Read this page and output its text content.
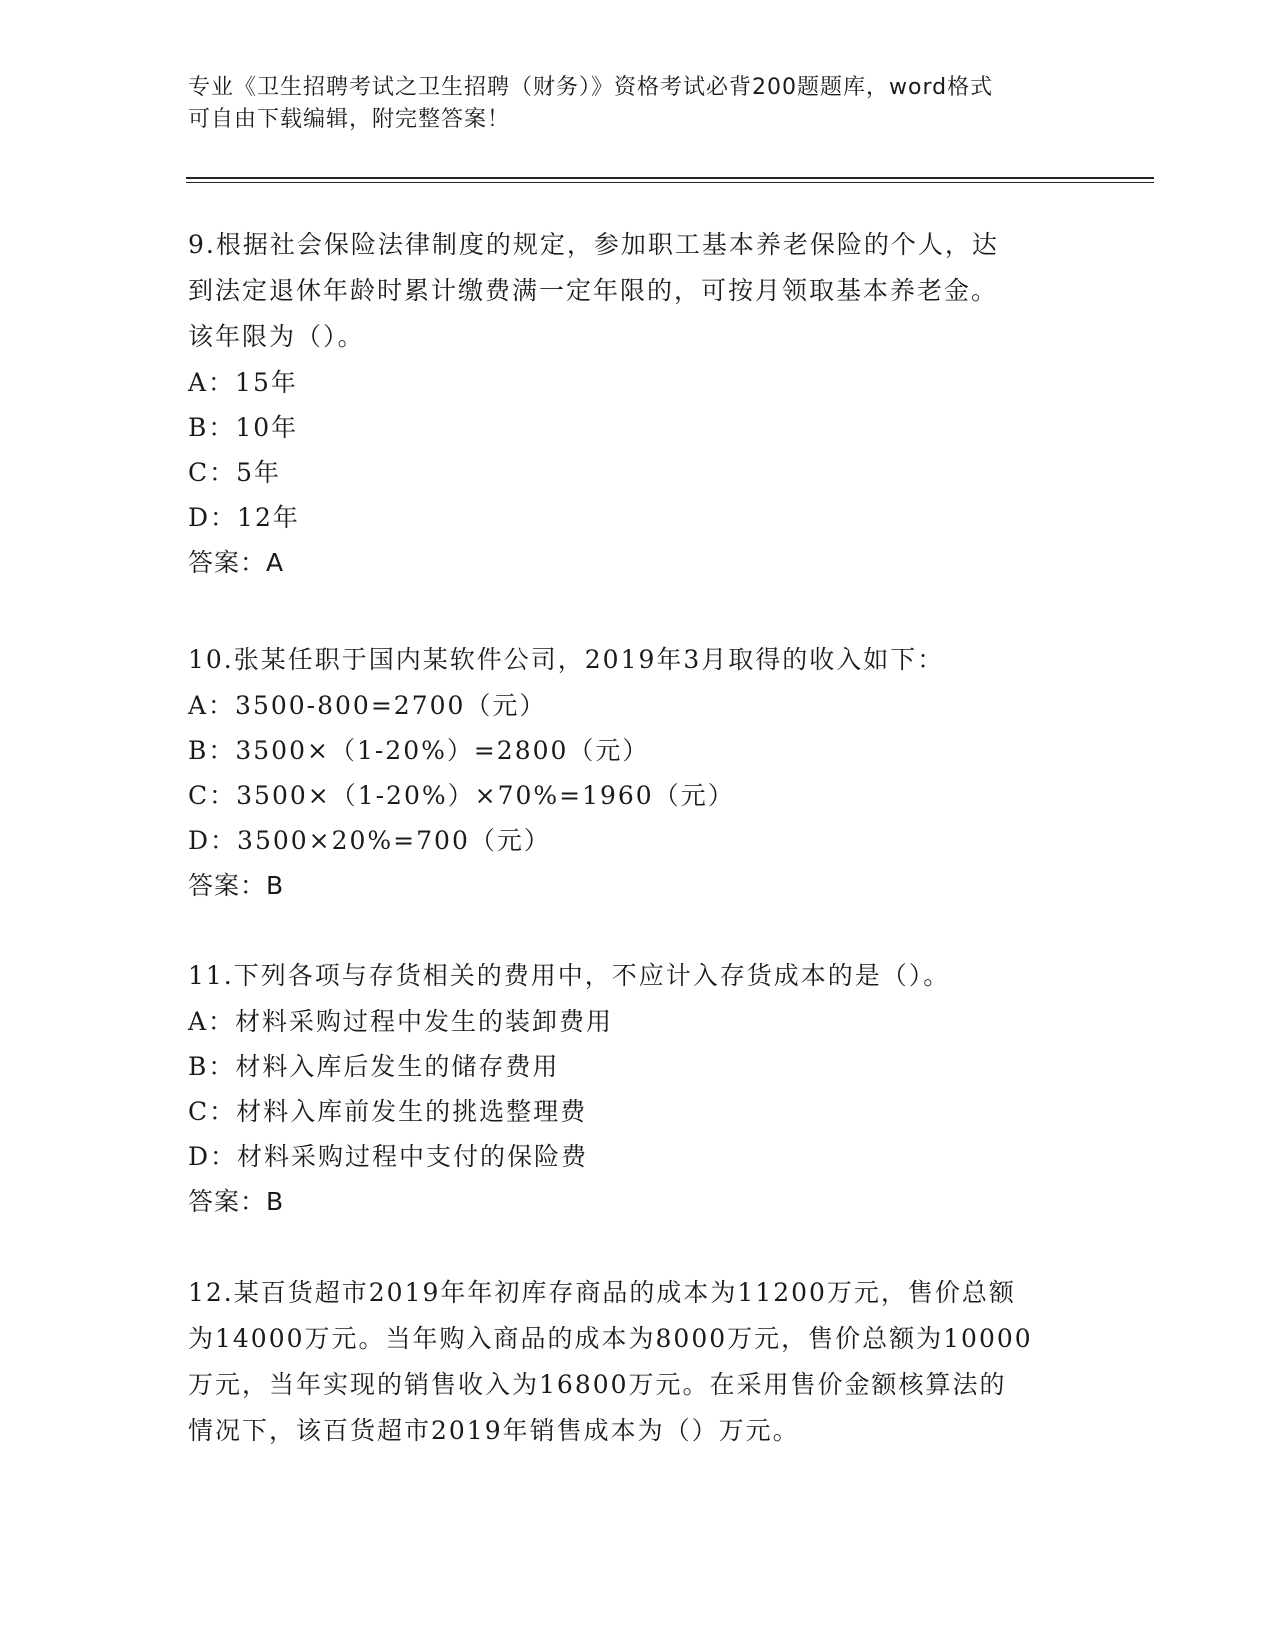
专业《卫生招聘考试之卫生招聘（财务）》资格考试必背200题题库，word格式
可自由下载编辑，附完整答案！
9.根据社会保险法律制度的规定，参加职工基本养老保险的个人，达
到法定退休年龄时累计缴费满一定年限的，可按月领取基本养老金。
该年限为（）。
A：15年
B：10年
C：5年
D：12年
答案：A
10.张某任职于国内某软件公司，2019年3月取得的收入如下：
A：3500-800=2700（元）
B：3500×（1-20%）=2800（元）
C：3500×（1-20%）×70%=1960（元）
D：3500×20%=700（元）
答案：B
11.下列各项与存货相关的费用中，不应计入存货成本的是（）。
A：材料采购过程中发生的装卸费用
B：材料入库后发生的储存费用
C：材料入库前发生的挑选整理费
D：材料采购过程中支付的保险费
答案：B
12.某百货超市2019年年初库存商品的成本为11200万元，售价总额
为14000万元。当年购入商品的成本为8000万元，售价总额为10000
万元，当年实现的销售收入为16800万元。在采用售价金额核算法的
情况下，该百货超市2019年销售成本为（）万元。
